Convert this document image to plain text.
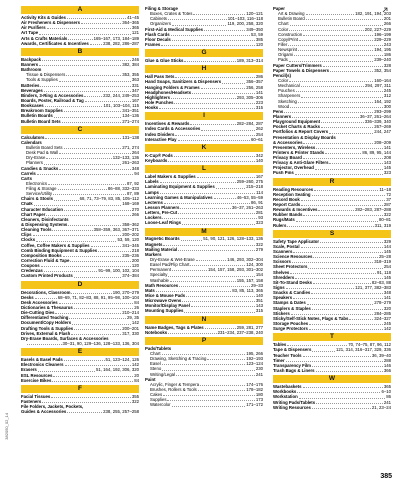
A
Activity Kits & Guides	41–45
Air Fresheners & Dispensers	364–365
Air Purifiers	365
Art Tape	121
Arts & Crafts Materials	165–167, 173, 184–189
Awards, Certificates & Incentives	238, 282, 286–287
B
Backpack	246
Banners	382, 384
Bathroom
Tissue & Dispensers	353, 355
Tools & Supplies	363
Batteries	331
Beverages	347
Binders, 3-Ring & Accessories	232, 244, 249–253
Boards, Poster, Railroad & Tag	167
Bookcases	101, 103–104, 115
Breakroom Supplies	341–351
Bulletin Boards	134–136
Bulletin Board Sets	271–274
C
Calculators	131–138
Calendars
Bulletin Board Sets	271, 274
Desk Pad & Wall	264
Dry-Erase	132–133, 136
Planners	261–263
Candies & Snacks	348
Carrels	94
Carts
Electronics	87, 92
Filing & Storage	86–88, 332–333
Service/Utility	87, 89
Chairs & Stools	68, 71, 73–79, 83, 85, 105–112
Chalk	168–169
Character Education	270
Chart Paper	266
Cleaners, Disinfectants
& Dispensing Systems	358–362
Cleaning Tools	358–359, 363, 367–371
Clips	200–202
Clocks	53, 59, 120
Coffee, Coffee Makers & Supplies	341–345
Comb Binding Equipment & Supplies	218
Composition Books	235–236
Correction Fluid & Tape	200
Coupons	120
Credenzas	91–99, 100, 102, 104
Custom Printed Products	374–384
D
Decorations, Classroom	190, 270–279
Desks	68–69, 71, 82–83, 88, 91, 95–98, 100–104
Desk Accessories	84
Dictionaries & Thesaurus	26
Die-Cutting Dies	210–214
Differentiated Teaching	29, 35
Document/Copy Holders	142
Drafting Tools & Supplies	200–201
Drives, External & Flash	317, 330
Dry-Erase Boards, Surfaces & Accessories
30–31, 90, 129–136, 128–133, 136, 304
E
Easels & Easel Pads	51, 123–124, 126
Electronics Cleaners	142
Erasers	51, 164, 192, 306, 320
ESL Resources	20
Exercise Bikes	84
F
Facial Tissues	355
Fasteners	322
File Folders, Jackets, Pockets,
Guides & Accessories	238, 255, 257–258
Filing & Storage
Boxes, Crates & Totes	120–121
Cabinets	101–103, 116–118
Organizers	119, 200, 258, 320
First-Aid & Medical Supplies	349–350
Flash Cards	53, 59
Floor Decals	385
Frames	120
G
Glue & Glue Sticks	189, 313–314
H
Hall Pass Sets	286
Hand Soaps, Sanitizers & Dispensers	356–357
Hanging Folders & Frames	256, 258
Headphones/Headsets	141
Highlighters	293, 305–306
Hole Punches	223
Hooks	315
I
Incentives & Rewards	282–284, 287
Index Cards & Accessories	262
Index Dividers	254
Interactive Play	60–61
K
K-Cup® Pods	342
Keyboards	140
L
Label Makers & Supplies	167
Labels	259–260, 275
Laminating Equipment & Supplies	215–218
Lamps	114
Learning Games & Manipulatives	46–53, 55–59
Lecterns	86, 91
Lesson Planners	36–37, 261–263
Letters, Pre-Cut	281
Lockers	93
Loose-Leaf Rings	323
M
Magnetic Boards	51, 90, 121, 126, 128–133, 136
Magnets	322
Mailing Material	279
Markers
Dry-Erase & Wet-Erase	146, 293, 302–304
Easel Pad/Flip Chart	124, 300
Permanent	154, 157, 158, 293, 301–302
Specialty	154
Washable	155, 157, 158
Math Resources	29–33
Mats	83, 85, 113, 365
Mice & Mouse Pads	140
Microwave Ovens	351
Monitor/Display Panel	143
Mounting Supplies	315
N
Name Badges, Tags & Plates	259, 281, 277
Notebooks	231–234, 237–238, 240
P
Pads/Tablets
Chart	195, 266
Drawing, Sketching & Tracing	192–193
Easel	123–124
Steno	230
Writing/Legal	241
Paint
Acrylic, Finger & Tempera	174–176
Brushes, Rollers & Tools	178–182
Cakes	180
Supplies	173
Watercolor	171–172
Paper
Art & Drawing	182, 191, 194, 203
Bulletin Board	201
Chart	266
Color	202, 227–229
Construction	196–199
Copy/Print	229–229
Filler	243
Newsprint	194, 195
Origami	186
Pads	239–240
Paper Cutters/Trimmers	328
Paper Towels & Dispensers	352, 354
Pencil(s)
Color	160–164
Mechanical	294, 297, 311
Pouches	245
Sharpeners	312
Sketching	164, 192
Wood	300
Pens	293–299
Planners	36–37, 261–264
Playground Equipment	336–339, 340
Pocket Charts & Racks	267–269
Portfolios & Report Covers	244, 247
Presentation & Display Boards
& Accessories	208–209
Presenters, Wireless	141
Printers & Printer Stands	86, 89, 95, 144
Privacy Board	208
Privacy & Anti-Glare Filters	143
Projector, Overhead	145
Push Pins	323
R
Reading Resources	11–18
Reception Seating	72
Record Book	37
Report Cards	287
Rewards & Incentives	282–283, 287–288
Rubber Bands	322
Rugs/Mats	80–81
Rulers	311, 319
S
Safety Tape Applicator	329
Scale, Postal	144
Scanners	145
Science Resources	25–28
Scissors	318–319
Sheet Protectors	254
Shelves	91, 118
Shredders	145
Sit-To-Stand Desks	82–83, 88
Signs	121, 377, 382–383
Snacks & Candies	348
Speakers	141
Stamps & Dates	278–279
Staplers & Staples	320
Stickers	284–285
Sticky/Self-Stick Notes, Flags & Tabs	324–327
Storage Pouches	245
Surge Protectors	142
T
Tables	70, 74–75, 87, 96, 112
Tape & Dispensers	121, 314, 316–317, 329, 336
Teacher Tools	36, 39–40
Timer	288
Transparency Film	146
Trash Bags & Liners	366
W
Wastebaskets	365
Workbooks	6–10
Workstation	86
Writing Pads/Tablets	241
Writing Resources	21, 23–24
382050_02_14
385
